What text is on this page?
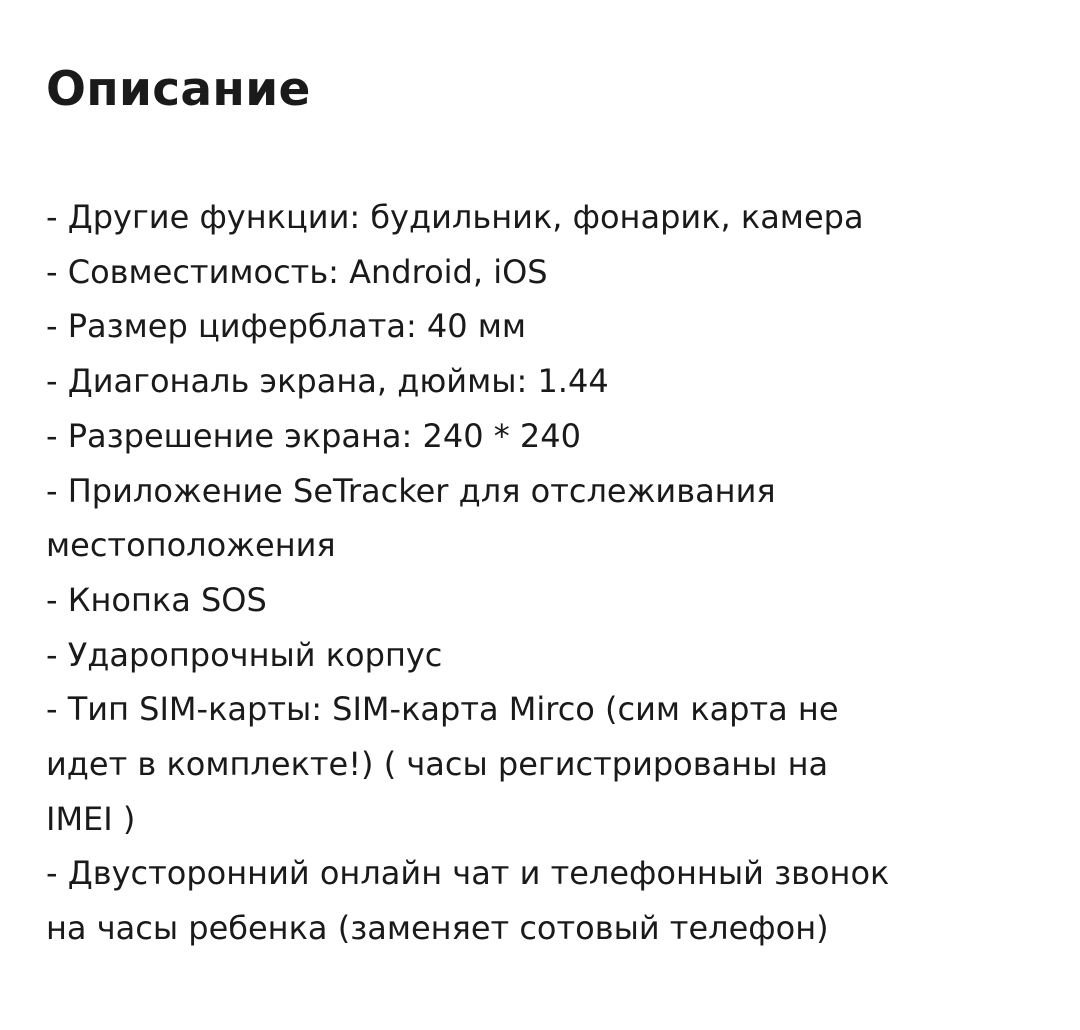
Описание
- Другие функции: будильник, фонарик, камера
- Совместимость: Android, iOS
- Размер циферблата: 40 мм
- Диагональ экрана, дюймы: 1.44
- Разрешение экрана: 240 * 240
- Приложение SeTracker для отслеживания
местоположения
- Кнопка SOS
- Ударопрочный корпус
- Тип SIM-карты: SIM-карта Mirco (сим карта не
идет в комплекте!) ( часы регистрированы на
IMEI )
- Двусторонний онлайн чат и телефонный звонок
на часы ребенка (заменяет сотовый телефон)
